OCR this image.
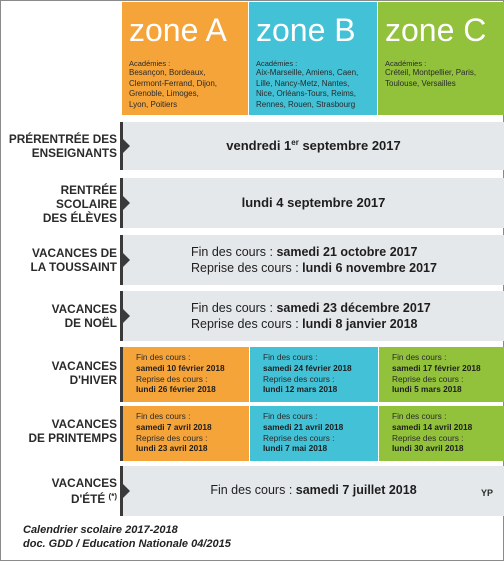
zone A
Académies :
Besançon, Bordeaux,
Clermont-Ferrand, Dijon,
Grenoble, Limoges,
Lyon, Poitiers
zone B
Académies :
Aix-Marseille, Amiens, Caen,
Lille, Nancy-Metz, Nantes,
Nice, Orléans-Tours, Reims,
Rennes, Rouen, Strasbourg
zone C
Académies :
Créteil, Montpellier, Paris,
Toulouse, Versailles
PRÉRENTRÉE DES
ENSEIGNANTS	vendredi 1er septembre 2017
RENTRÉE
SCOLAIRE
DES ÉLÈVES
lundi 4 septembre 2017
VACANCES DE
LA TOUSSAINT
Fin des cours : samedi 21 octobre 2017
Reprise des cours : lundi 6 novembre 2017
VACANCES
DE NOËL
Fin des cours : samedi 23 décembre 2017
Reprise des cours : lundi 8 janvier 2018
VACANCES
D'HIVER
Fin des cours :
samedi 10 février 2018
Reprise des cours :
lundi 26 février 2018
Fin des cours :
samedi 24 février 2018
Reprise des cours :
lundi 12 mars 2018
Fin des cours :
samedi 17 février 2018
Reprise des cours :
lundi 5 mars 2018
VACANCES
DE PRINTEMPS
Fin des cours :
samedi 7 avril 2018
Reprise des cours :
lundi 23 avril 2018
Fin des cours :
samedi 21 avril 2018
Reprise des cours :
lundi 7 mai 2018
Fin des cours :
samedi 14 avril 2018
Reprise des cours :
lundi 30 avril 2018
VACANCES
D'ÉTÉ (*)	Fin des cours : samedi 7 juillet 2018	YP
Calendrier scolaire 2017-2018
doc. GDD / Education Nationale 04/2015
